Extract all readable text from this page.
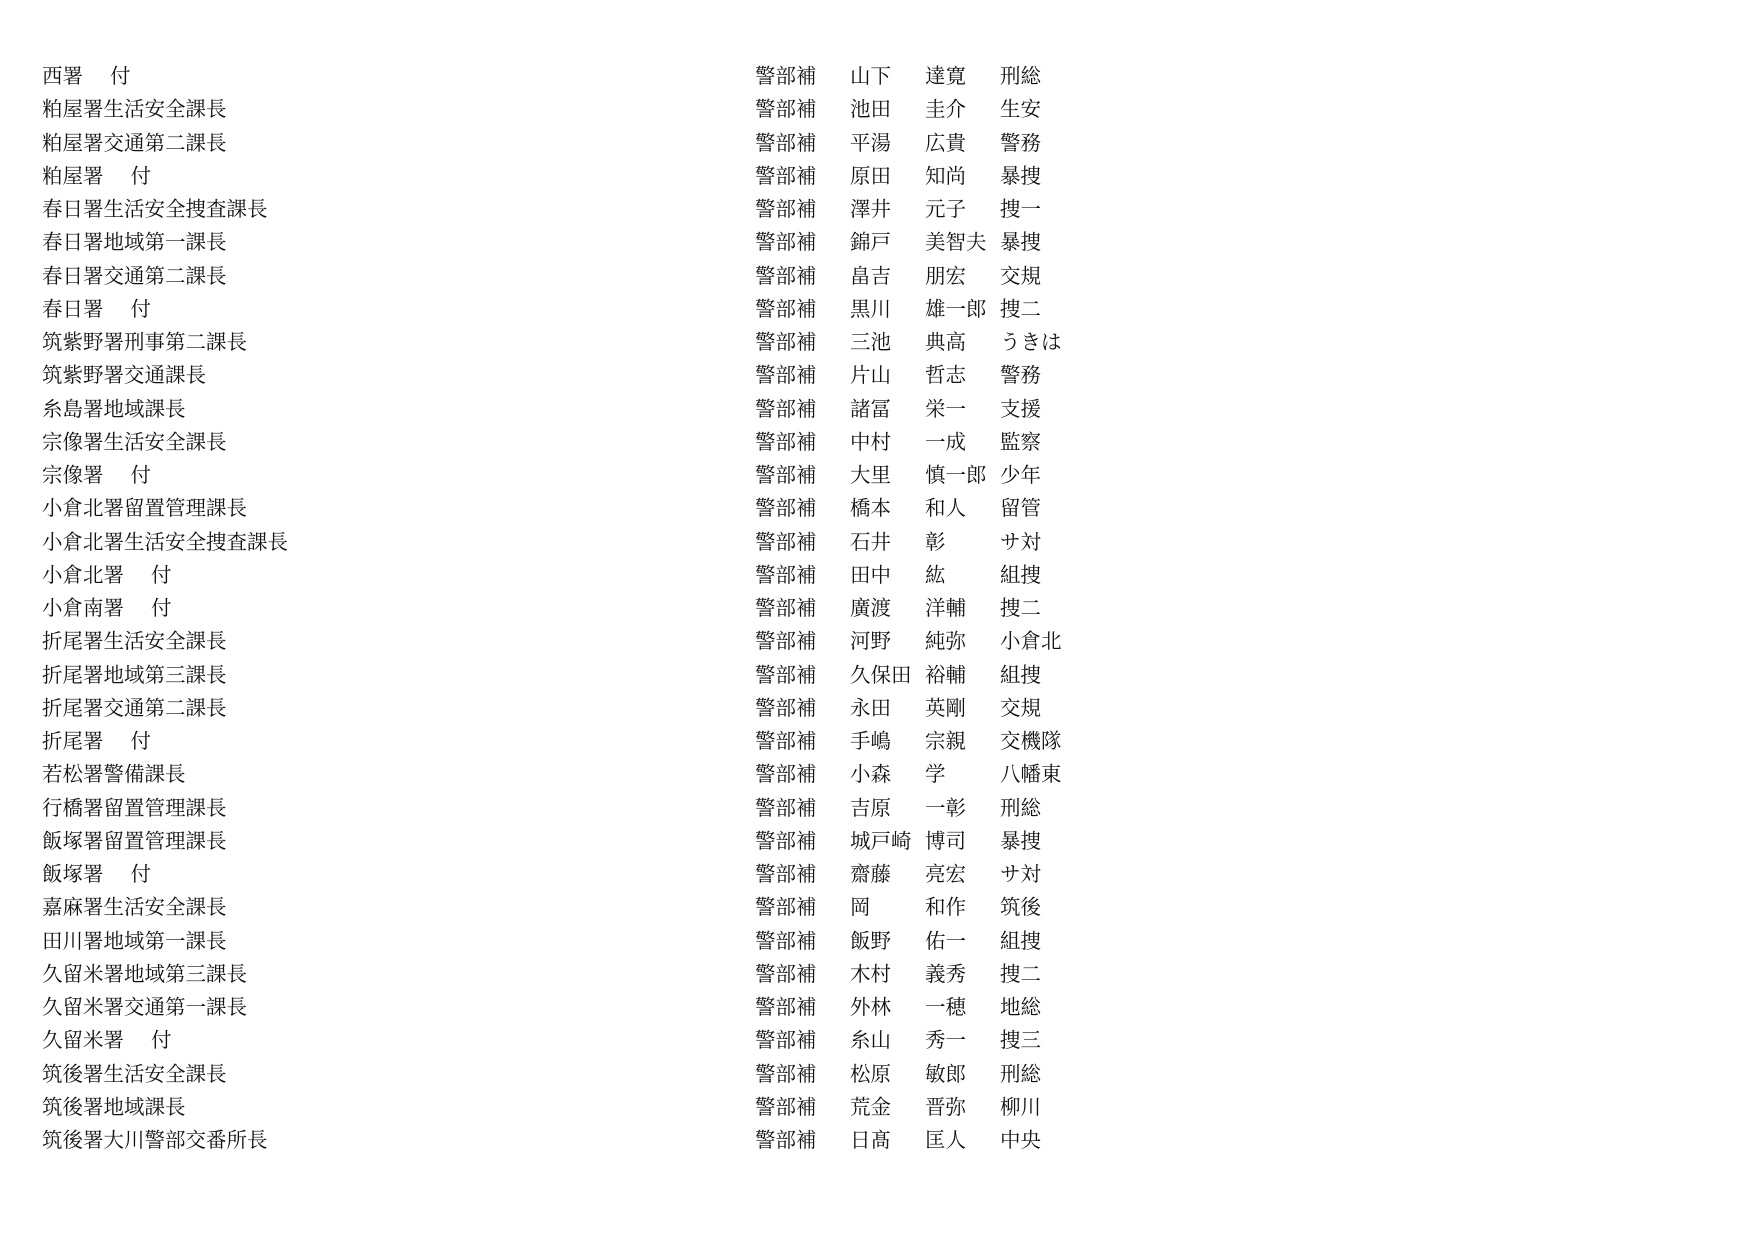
西署　 付	警部補 山下 達寛 刑総
粕屋署生活安全課長	警部補 池田 圭介 生安
粕屋署交通第二課長	警部補 平湯 広貴 警務
粕屋署　 付	警部補 原田 知尚 暴捜
春日署生活安全捜査課長	警部補 澤井 元子 捜一
春日署地域第一課長	警部補 錦戸 美智夫 暴捜
春日署交通第二課長	警部補 畠吉 朋宏 交規
春日署　 付	警部補 黒川 雄一郎 捜二
筑紫野署刑事第二課長	警部補 三池 典高 うきは
筑紫野署交通課長	警部補 片山 哲志 警務
糸島署地域課長	警部補 諸冨 栄一 支援
宗像署生活安全課長	警部補 中村 一成 監察
宗像署　 付	警部補 大里 慎一郎 少年
小倉北署留置管理課長	警部補 橋本 和人 留管
小倉北署生活安全捜査課長	警部補 石井 彰	サ対
小倉北署　 付	警部補 田中 紘	組捜
小倉南署　 付	警部補 廣渡 洋輔 捜二
折尾署生活安全課長	警部補 河野 純弥 小倉北
折尾署地域第三課長	警部補 久保田 裕輔 組捜
折尾署交通第二課長	警部補 永田 英剛 交規
折尾署　 付	警部補 手嶋 宗親 交機隊
若松署警備課長	警部補 小森 学	八幡東
行橋署留置管理課長	警部補 吉原 一彰 刑総
飯塚署留置管理課長	警部補 城戸崎 博司 暴捜
飯塚署　 付	警部補 齋藤 亮宏 サ対
嘉麻署生活安全課長	警部補 岡	和作 筑後
田川署地域第一課長	警部補 飯野 佑一 組捜
久留米署地域第三課長	警部補 木村 義秀 捜二
久留米署交通第一課長	警部補 外林 一穂 地総
久留米署　 付	警部補 糸山 秀一 捜三
筑後署生活安全課長	警部補 松原 敏郎 刑総
筑後署地域課長	警部補 荒金 晋弥 柳川
筑後署大川警部交番所長	警部補 日髙 匡人 中央
